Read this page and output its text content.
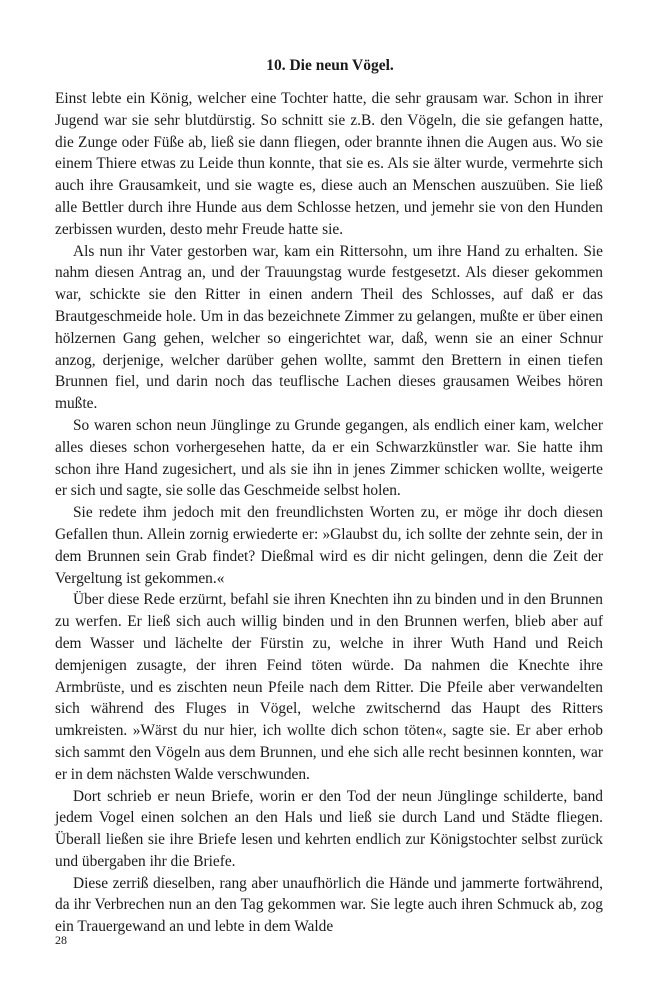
10. Die neun Vögel.

Einst lebte ein König, welcher eine Tochter hatte, die sehr grausam war. Schon in ihrer Jugend war sie sehr blutdürstig. So schnitt sie z.B. den Vögeln, die sie gefangen hatte, die Zunge oder Füße ab, ließ sie dann fliegen, oder brannte ihnen die Augen aus. Wo sie einem Thiere etwas zu Leide thun konnte, that sie es. Als sie älter wurde, vermehrte sich auch ihre Grausamkeit, und sie wagte es, diese auch an Menschen auszuüben. Sie ließ alle Bettler durch ihre Hunde aus dem Schlosse hetzen, und jemehr sie von den Hunden zerbissen wurden, desto mehr Freude hatte sie.

Als nun ihr Vater gestorben war, kam ein Rittersohn, um ihre Hand zu erhalten. Sie nahm diesen Antrag an, und der Trauungstag wurde festgesetzt. Als dieser gekommen war, schickte sie den Ritter in einen andern Theil des Schlosses, auf daß er das Brautgeschmeide hole. Um in das bezeichnete Zimmer zu gelangen, mußte er über einen hölzernen Gang gehen, welcher so eingerichtet war, daß, wenn sie an einer Schnur anzog, derjenige, welcher darüber gehen wollte, sammt den Brettern in einen tiefen Brunnen fiel, und darin noch das teuflische Lachen dieses grausamen Weibes hören mußte.

So waren schon neun Jünglinge zu Grunde gegangen, als endlich einer kam, welcher alles dieses schon vorhergesehen hatte, da er ein Schwarzkünstler war. Sie hatte ihm schon ihre Hand zugesichert, und als sie ihn in jenes Zimmer schicken wollte, weigerte er sich und sagte, sie solle das Geschmeide selbst holen.

Sie redete ihm jedoch mit den freundlichsten Worten zu, er möge ihr doch diesen Gefallen thun. Allein zornig erwiederte er: »Glaubst du, ich sollte der zehnte sein, der in dem Brunnen sein Grab findet? Dießmal wird es dir nicht gelingen, denn die Zeit der Vergeltung ist gekommen.«

Über diese Rede erzürnt, befahl sie ihren Knechten ihn zu binden und in den Brunnen zu werfen. Er ließ sich auch willig binden und in den Brunnen werfen, blieb aber auf dem Wasser und lächelte der Fürstin zu, welche in ihrer Wuth Hand und Reich demjenigen zusagte, der ihren Feind töten würde. Da nahmen die Knechte ihre Armbrüste, und es zischten neun Pfeile nach dem Ritter. Die Pfeile aber verwandelten sich während des Fluges in Vögel, welche zwitschernd das Haupt des Ritters umkreisten. »Wärst du nur hier, ich wollte dich schon töten«, sagte sie. Er aber erhob sich sammt den Vögeln aus dem Brunnen, und ehe sich alle recht besinnen konnten, war er in dem nächsten Walde verschwunden.

Dort schrieb er neun Briefe, worin er den Tod der neun Jünglinge schilderte, band jedem Vogel einen solchen an den Hals und ließ sie durch Land und Städte fliegen. Überall ließen sie ihre Briefe lesen und kehrten endlich zur Königstochter selbst zurück und übergaben ihr die Briefe.

Diese zerriß dieselben, rang aber unaufhörlich die Hände und jammerte fortwährend, da ihr Verbrechen nun an den Tag gekommen war. Sie legte auch ihren Schmuck ab, zog ein Trauergewand an und lebte in dem Walde

28
